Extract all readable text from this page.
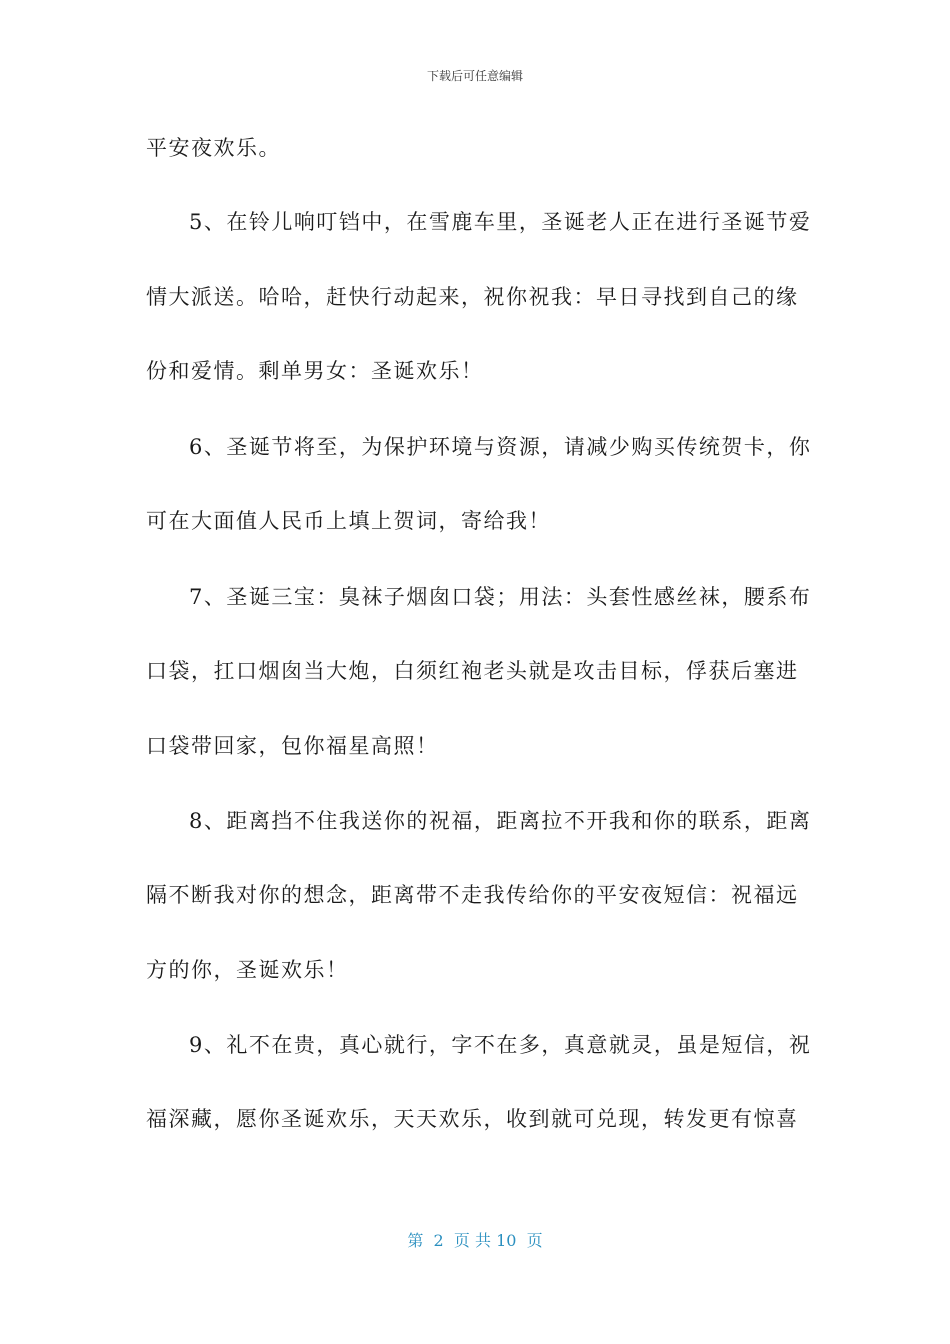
下载后可任意编辑
平安夜欢乐。
5、在铃儿响叮铛中，在雪鹿车里，圣诞老人正在进行圣诞节爱
情大派送。哈哈，赶快行动起来，祝你祝我：早日寻找到自己的缘
份和爱情。剩单男女：圣诞欢乐！
6、圣诞节将至，为保护环境与资源，请减少购买传统贺卡，你
可在大面值人民币上填上贺词，寄给我！
7、圣诞三宝：臭袜子烟囱口袋；用法：头套性感丝袜，腰系布
口袋，扛口烟囱当大炮，白须红袍老头就是攻击目标，俘获后塞进
口袋带回家，包你福星高照！
8、距离挡不住我送你的祝福，距离拉不开我和你的联系，距离
隔不断我对你的想念，距离带不走我传给你的平安夜短信：祝福远
方的你，圣诞欢乐！
9、礼不在贵，真心就行，字不在多，真意就灵，虽是短信，祝
福深藏，愿你圣诞欢乐，天天欢乐，收到就可兑现，转发更有惊喜
第  2  页 共 10  页
